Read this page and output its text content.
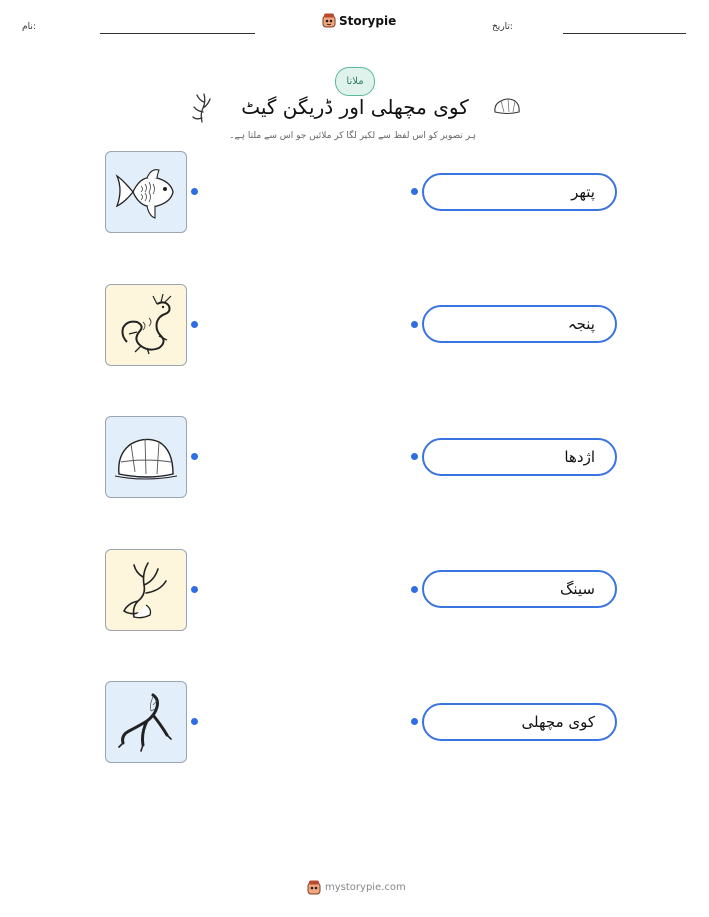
نام:	Storypie	تاریخ:
ملانا
کوی مچھلی اور ڈریگن گیٹ
ہر تصویر کو اس لفظ سے لکیر لگا کر ملائیں جو اس سے ملتا ہے۔
پتھر
پنجہ
اژدھا
سینگ
کوی مچھلی
mystorypie.com
